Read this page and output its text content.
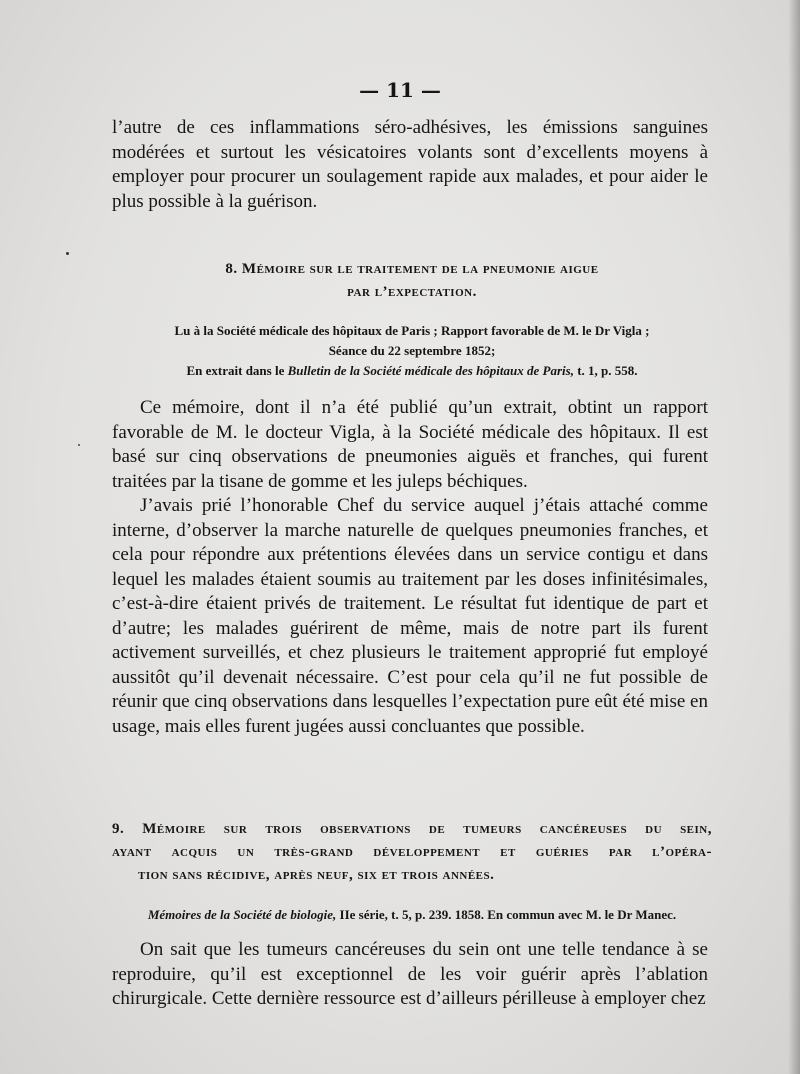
— 11 —

l’autre de ces inflammations séro-adhésives, les émissions sanguines modérées et surtout les vésicatoires volants sont d’excellents moyens à employer pour procurer un soulagement rapide aux malades, et pour aider le plus possible à la guérison.

8. Mémoire sur le traitement de la pneumonie aigue
par l’expectation.
Lu à la Société médicale des hôpitaux de Paris ; Rapport favorable de M. le Dr Vigla ;
Séance du 22 septembre 1852;
En extrait dans le Bulletin de la Société médicale des hôpitaux de Paris, t. 1, p. 558.

Ce mémoire, dont il n’a été publié qu’un extrait, obtint un rapport favorable de M. le docteur Vigla, à la Société médicale des hôpitaux. Il est basé sur cinq observations de pneumonies aiguës et franches, qui furent traitées par la tisane de gomme et les juleps béchiques.

J’avais prié l’honorable Chef du service auquel j’étais attaché comme interne, d’observer la marche naturelle de quelques pneumonies franches, et cela pour répondre aux prétentions élevées dans un service contigu et dans lequel les malades étaient soumis au traitement par les doses infinitésimales, c’est-à-dire étaient privés de traitement. Le résultat fut identique de part et d’autre; les malades guérirent de même, mais de notre part ils furent activement surveillés, et chez plusieurs le traitement approprié fut employé aussitôt qu’il devenait nécessaire. C’est pour cela qu’il ne fut possible de réunir que cinq observations dans lesquelles l’expectation pure eût été mise en usage, mais elles furent jugées aussi concluantes que possible.

9. Mémoire sur trois observations de tumeurs cancéreuses du sein,
ayant acquis un très-grand développement et guéries par l’opéra-
tion sans récidive, après neuf, six et trois années.
Mémoires de la Société de biologie, IIe série, t. 5, p. 239. 1858. En commun avec M. le Dr Manec.

On sait que les tumeurs cancéreuses du sein ont une telle tendance à se reproduire, qu’il est exceptionnel de les voir guérir après l’ablation chirurgicale. Cette dernière ressource est d’ailleurs périlleuse à employer chez
